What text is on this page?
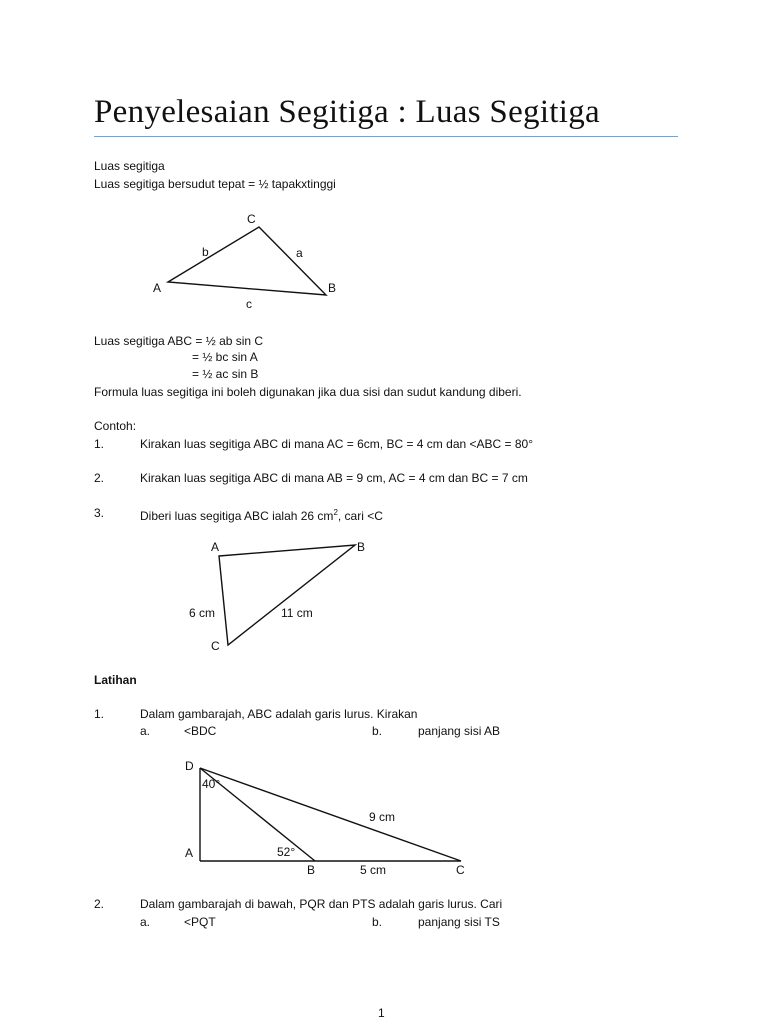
Penyelesaian Segitiga : Luas Segitiga
Luas segitiga
Luas segitiga bersudut tepat = ½ tapakxtinggi
C
A	B
b	a
c
A	B
C
6 cm	11 cm
D
A
B	C
40°
52°
9 cm
5 cm
Luas segitiga ABC = ½ ab sin C
= ½ bc sin A
= ½ ac sin B
Formula luas segitiga ini boleh digunakan jika dua sisi dan sudut kandung diberi.
Contoh:
1.	Kirakan luas segitiga ABC di mana AC = 6cm, BC = 4 cm dan <ABC = 80°
2.	Kirakan luas segitiga ABC di mana AB = 9 cm, AC = 4 cm dan BC = 7 cm
3.	Diberi luas segitiga ABC ialah 26 $cm^2$, cari <C
Latihan
1.	Dalam gambarajah, ABC adalah garis lurus. Kirakan
a.	<BDC	b.	panjang sisi AB
2.	Dalam gambarajah di bawah, PQR dan PTS adalah garis lurus. Cari
a.	<PQT	b.	panjang sisi TS
1
